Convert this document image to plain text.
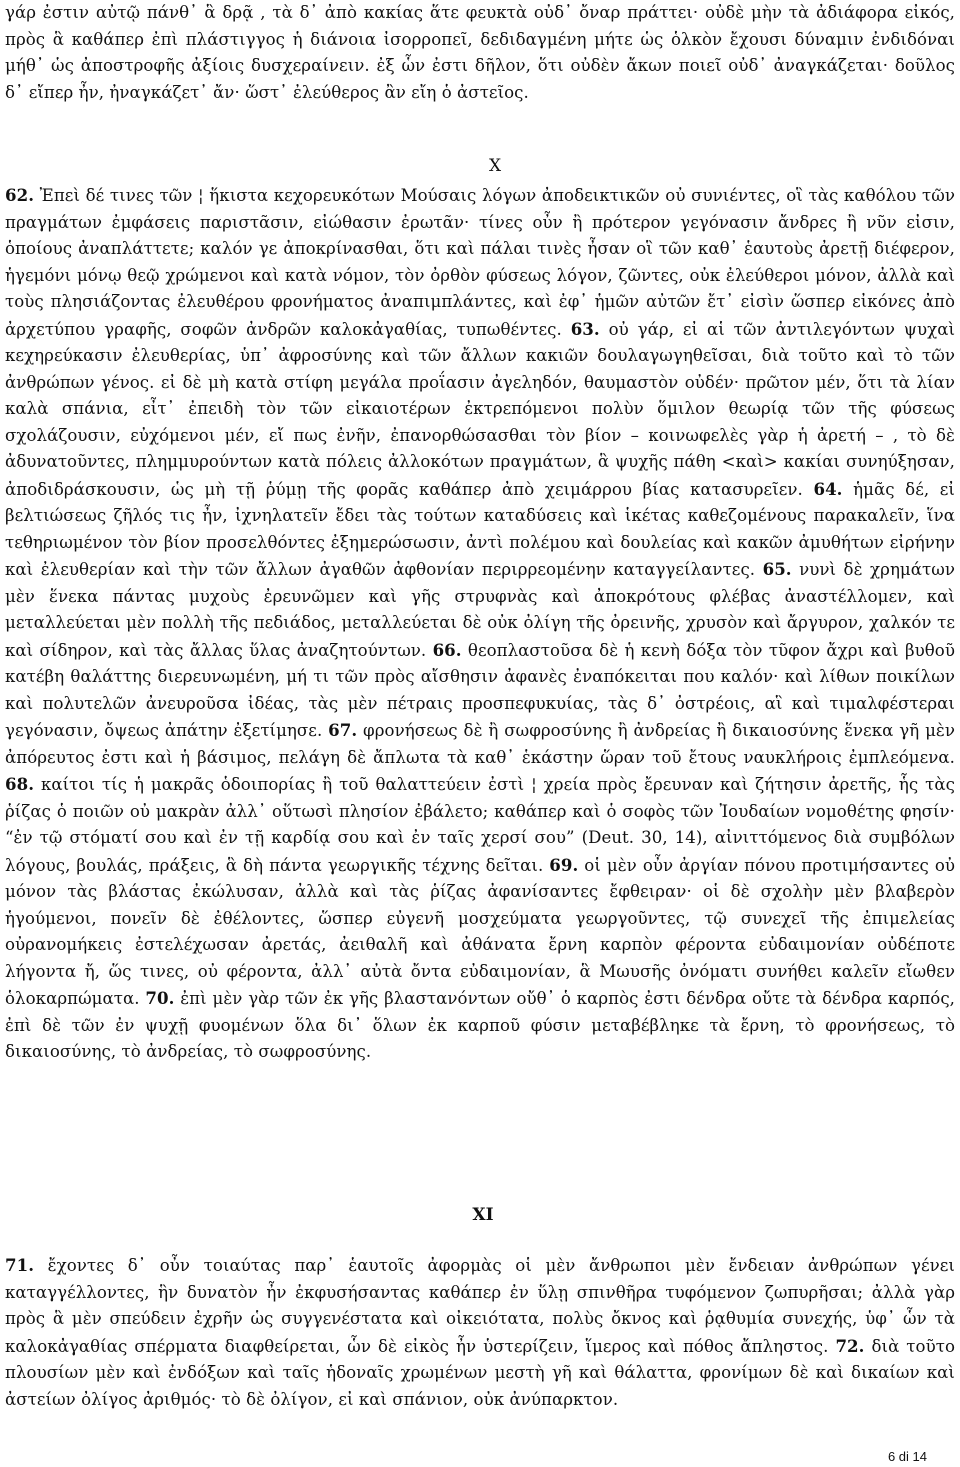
γάρ ἐστιν αὐτῷ πάνθ᾽ ἃ δρᾷ , τὰ δ᾽ ἀπὸ κακίας ἅτε φευκτὰ οὐδ᾽ ὄναρ πράττει· οὐδὲ μὴν τὰ ἀδιάφορα εἰκός, πρὸς ἃ καθάπερ ἐπὶ πλάστιγγος ἡ διάνοια ἰσορροπεῖ, δεδιδαγμένη μήτε ὡς ὁλκὸν ἔχουσι δύναμιν ἐνδιδόναι μήθ᾽ ὡς ἀποστροφῆς ἀξίοις δυσχεραίνειν. ἐξ ὧν ἐστι δῆλον, ὅτι οὐδὲν ἄκων ποιεῖ οὐδ᾽ ἀναγκάζεται· δοῦλος δ᾽ εἴπερ ἦν, ἠναγκάζετ᾽ ἄν· ὥστ᾽ ἐλεύθερος ἂν εἴη ὁ ἀστεῖος.

X

62. Ἐπεὶ δέ τινες τῶν ¦ ἥκιστα κεχορευκότων Μούσαις λόγων ἀποδεικτικῶν οὐ συνιέντες, οἳ τὰς καθόλου τῶν πραγμάτων ἐμφάσεις παριστᾶσιν, εἰώθασιν ἐρωτᾶν· τίνες οὖν ἢ πρότερον γεγόνασιν ἄνδρες ἢ νῦν εἰσιν, ὁποίους ἀναπλάττετε; καλόν γε ἀποκρίνασθαι, ὅτι καὶ πάλαι τινὲς ἦσαν οἳ τῶν καθ᾽ ἑαυτοὺς ἀρετῇ διέφερον, ἡγεμόνι μόνῳ θεῷ χρώμενοι καὶ κατὰ νόμον, τὸν ὀρθὸν φύσεως λόγον, ζῶντες, οὐκ ἐλεύθεροι μόνον, ἀλλὰ καὶ τοὺς πλησιάζοντας ἐλευθέρου φρονήματος ἀναπιμπλάντες, καὶ ἐφ᾽ ἡμῶν αὐτῶν ἔτ᾽ εἰσὶν ὥσπερ εἰκόνες ἀπὸ ἀρχετύπου γραφῆς, σοφῶν ἀνδρῶν καλοκἀγαθίας, τυπωθέντες. 63. οὐ γάρ, εἰ αἱ τῶν ἀντιλεγόντων ψυχαὶ κεχηρεύκασιν ἐλευθερίας, ὑπ᾽ ἀφροσύνης καὶ τῶν ἄλλων κακιῶν δουλαγωγηθεῖσαι, διὰ τοῦτο καὶ τὸ τῶν ἀνθρώπων γένος. εἰ δὲ μὴ κατὰ στίφη μεγάλα προΐασιν ἀγεληδόν, θαυμαστὸν οὐδέν· πρῶτον μέν, ὅτι τὰ λίαν καλὰ σπάνια, εἶτ᾽ ἐπειδὴ τὸν τῶν εἰκαιοτέρων ἐκτρεπόμενοι πολὺν ὅμιλον θεωρίᾳ τῶν τῆς φύσεως σχολάζουσιν, εὐχόμενοι μέν, εἴ πως ἐνῆν, ἐπανορθώσασθαι τὸν βίον – κοινωφελὲς γὰρ ἡ ἀρετή – , τὸ δὲ ἀδυνατοῦντες, πλημμυρούντων κατὰ πόλεις ἀλλοκότων πραγμάτων, ἃ ψυχῆς πάθη <καὶ> κακίαι συνηύξησαν, ἀποδιδράσκουσιν, ὡς μὴ τῇ ῥύμῃ τῆς φορᾶς καθάπερ ἀπὸ χειμάρρου βίας κατασυρεῖεν. 64. ἡμᾶς δέ, εἰ βελτιώσεως ζῆλός τις ἦν, ἰχνηλατεῖν ἔδει τὰς τούτων καταδύσεις καὶ ἱκέτας καθεζομένους παρακαλεῖν, ἵνα τεθηριωμένον τὸν βίον προσελθόντες ἐξημερώσωσιν, ἀντὶ πολέμου καὶ δουλείας καὶ κακῶν ἀμυθήτων εἰρήνην καὶ ἐλευθερίαν καὶ τὴν τῶν ἄλλων ἀγαθῶν ἀφθονίαν περιρρεομένην καταγγείλαντες. 65. νυνὶ δὲ χρημάτων μὲν ἕνεκα πάντας μυχοὺς ἐρευνῶμεν καὶ γῆς στρυφνὰς καὶ ἀποκρότους φλέβας ἀναστέλλομεν, καὶ μεταλλεύεται μὲν πολλὴ τῆς πεδιάδος, μεταλλεύεται δὲ οὐκ ὀλίγη τῆς ὀρεινῆς, χρυσὸν καὶ ἄργυρον, χαλκόν τε καὶ σίδηρον, καὶ τὰς ἄλλας ὕλας ἀναζητούντων. 66. θεοπλαστοῦσα δὲ ἡ κενὴ δόξα τὸν τῦφον ἄχρι καὶ βυθοῦ κατέβη θαλάττης διερευνωμένη, μή τι τῶν πρὸς αἴσθησιν ἀφανὲς ἐναπόκειται που καλόν· καὶ λίθων ποικίλων καὶ πολυτελῶν ἀνευροῦσα ἰδέας, τὰς μὲν πέτραις προσπεφυκυίας, τὰς δ᾽ ὀστρέοις, αἳ καὶ τιμαλφέστεραι γεγόνασιν, ὄψεως ἀπάτην ἐξετίμησε. 67. φρονήσεως δὲ ἢ σωφροσύνης ἢ ἀνδρείας ἢ δικαιοσύνης ἕνεκα γῆ μὲν ἀπόρευτος ἐστι καὶ ἡ βάσιμος, πελάγη δὲ ἄπλωτα τὰ καθ᾽ ἑκάστην ὥραν τοῦ ἔτους ναυκλήροις ἐμπλεόμενα. 68. καίτοι τίς ἡ μακρᾶς ὁδοιπορίας ἢ τοῦ θαλαττεύειν ἐστὶ ¦ χρεία πρὸς ἔρευναν καὶ ζήτησιν ἀρετῆς, ἧς τὰς ῥίζας ὁ ποιῶν οὐ μακρὰν ἀλλ᾽ οὕτωσὶ πλησίον ἐβάλετο; καθάπερ καὶ ὁ σοφὸς τῶν Ἰουδαίων νομοθέτης φησίν· “ἐν τῷ στόματί σου καὶ ἐν τῇ καρδίᾳ σου καὶ ἐν ταῖς χερσί σου” (Deut. 30, 14), αἰνιττόμενος διὰ συμβόλων λόγους, βουλάς, πράξεις, ἃ δὴ πάντα γεωργικῆς τέχνης δεῖται. 69. οἱ μὲν οὖν ἀργίαν πόνου προτιμήσαντες οὐ μόνον τὰς βλάστας ἐκώλυσαν, ἀλλὰ καὶ τὰς ῥίζας ἀφανίσαντες ἔφθειραν· οἱ δὲ σχολὴν μὲν βλαβερὸν ἡγούμενοι, πονεῖν δὲ ἐθέλοντες, ὥσπερ εὐγενῆ μοσχεύματα γεωργοῦντες, τῷ συνεχεῖ τῆς ἐπιμελείας οὐρανομήκεις ἐστελέχωσαν ἀρετάς, ἀειθαλῆ καὶ ἀθάνατα ἔρνη καρπὸν φέροντα εὐδαιμονίαν οὐδέποτε λήγοντα ἤ, ὥς τινες, οὐ φέροντα, ἀλλ᾽ αὐτὰ ὄντα εὐδαιμονίαν, ἃ Μωυσῆς ὀνόματι συνήθει καλεῖν εἴωθεν ὁλοκαρπώματα. 70. ἐπὶ μὲν γὰρ τῶν ἐκ γῆς βλαστανόντων οὔθ᾽ ὁ καρπὸς ἐστι δένδρα οὔτε τὰ δένδρα καρπός, ἐπὶ δὲ τῶν ἐν ψυχῇ φυομένων ὅλα δι᾽ ὅλων ἐκ καρποῦ φύσιν μεταβέβληκε τὰ ἔρνη, τὸ φρονήσεως, τὸ δικαιοσύνης, τὸ ἀνδρείας, τὸ σωφροσύνης.

XI

71. ἔχοντες δ᾽ οὖν τοιαύτας παρ᾽ ἑαυτοῖς ἀφορμὰς οἱ μὲν ἄνθρωποι μὲν ἔνδειαν ἀνθρώπων γένει καταγγέλλοντες, ἣν δυνατὸν ἦν ἐκφυσήσαντας καθάπερ ἐν ὕλῃ σπινθῆρα τυφόμενον ζωπυρῆσαι; ἀλλὰ γὰρ πρὸς ἃ μὲν σπεύδειν ἐχρῆν ὡς συγγενέστατα καὶ οἰκειότατα, πολὺς ὄκνος καὶ ῥᾳθυμία συνεχής, ὑφ᾽ ὧν τὰ καλοκἀγαθίας σπέρματα διαφθείρεται, ὧν δὲ εἰκὸς ἦν ὑστερίζειν, ἵμερος καὶ πόθος ἄπληστος. 72. διὰ τοῦτο πλουσίων μὲν καὶ ἐνδόξων καὶ ταῖς ἡδοναῖς χρωμένων μεστὴ γῆ καὶ θάλαττα, φρονίμων δὲ καὶ δικαίων καὶ ἀστείων ὀλίγος ἀριθμός· τὸ δὲ ὀλίγον, εἰ καὶ σπάνιον, οὐκ ἀνύπαρκτον.

6 di 14
